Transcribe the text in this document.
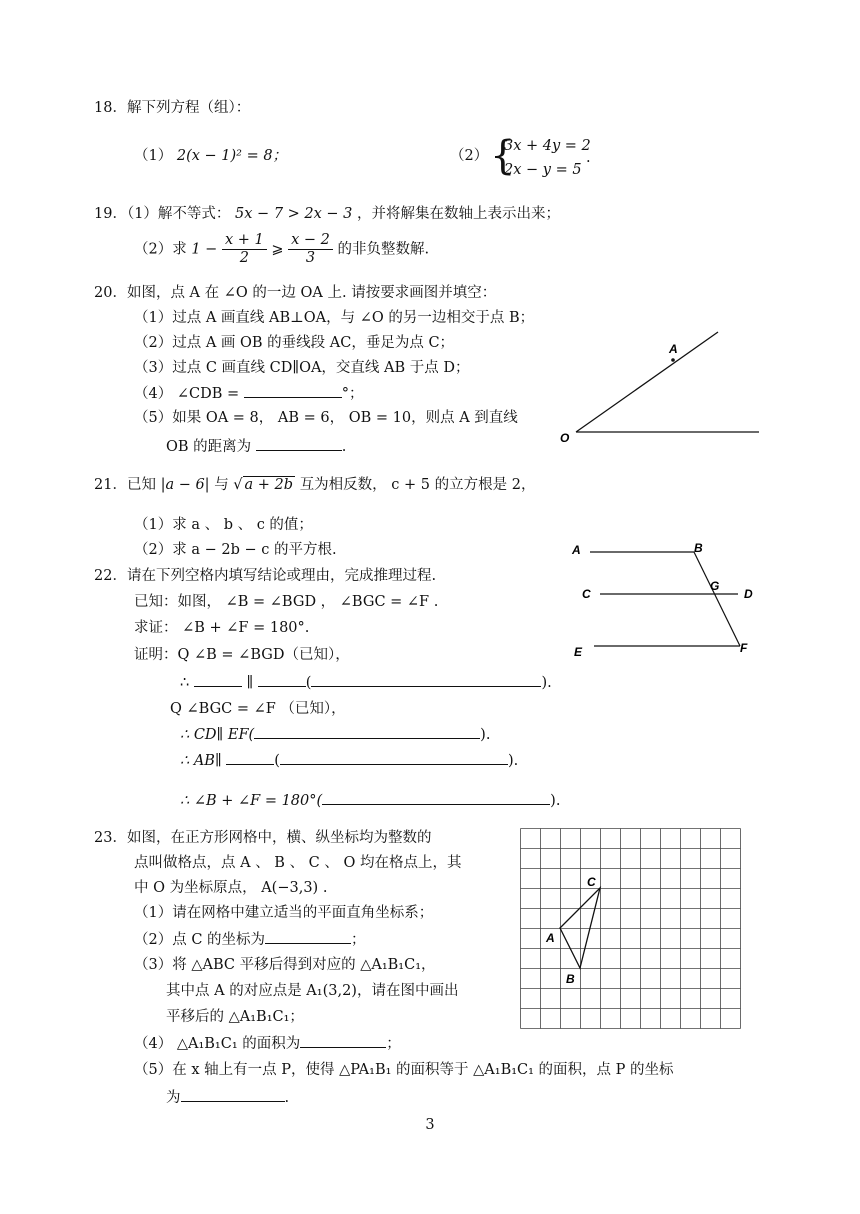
18．解下列方程（组）：
（1） 2(x − 1)² = 8；	（2） {
3x + 4y = 2
2x − y = 5
.
19．（1）解不等式： 5x − 7 > 2x − 3 ，并将解集在数轴上表示出来；
（2）求 $1 - \frac{x + 1}{2}$ ⩾ $\frac{x - 2}{3}$ 的非负整数解.
20．如图，点 A 在 ∠O 的一边 OA 上. 请按要求画图并填空：
（1）过点 A 画直线 AB⊥OA，与 ∠O 的另一边相交于点 B；
（2）过点 A 画 OB 的垂线段 AC，垂足为点 C；
（3）过点 C 画直线 CD∥OA，交直线 AB 于点 D；
（4） ∠CDB =	°；
（5）如果 OA = 8， AB = 6， OB = 10，则点 A 到直线
OB 的距离为	.
A
O
21．已知 |a − 6| 与 √ a + 2b 互为相反数， c + 5 的立方根是 2，
（1）求 a 、 b 、 c 的值；
（2）求 a − 2b − c 的平方根.
22．请在下列空格内填写结论或理由，完成推理过程.
已知：如图， ∠B = ∠BGD ， ∠BGC = ∠F .
求证： ∠B + ∠F = 180°.
证明：Q ∠B = ∠BGD（已知），
∴	∥	(	).
Q ∠BGC = ∠F （已知），
∴ CD∥ EF(	).
∴ AB∥	(	).
∴ ∠B + ∠F = 180°(	).
A	B
C
G
D
E	F
23．如图，在正方形网格中，横、纵坐标均为整数的
点叫做格点，点 A 、 B 、 C 、 O 均在格点上，其
中 O 为坐标原点， A(−3,3) .
（1）请在网格中建立适当的平面直角坐标系；
（2）点 C 的坐标为	；
（3）将 △ABC 平移后得到对应的 △A₁B₁C₁，
其中点 A 的对应点是 A₁(3,2)，请在图中画出
平移后的 △A₁B₁C₁；
（4） △A₁B₁C₁ 的面积为	；
（5）在 x 轴上有一点 P，使得 △PA₁B₁ 的面积等于 △A₁B₁C₁ 的面积，点 P 的坐标
为	.
A
B
C
3
